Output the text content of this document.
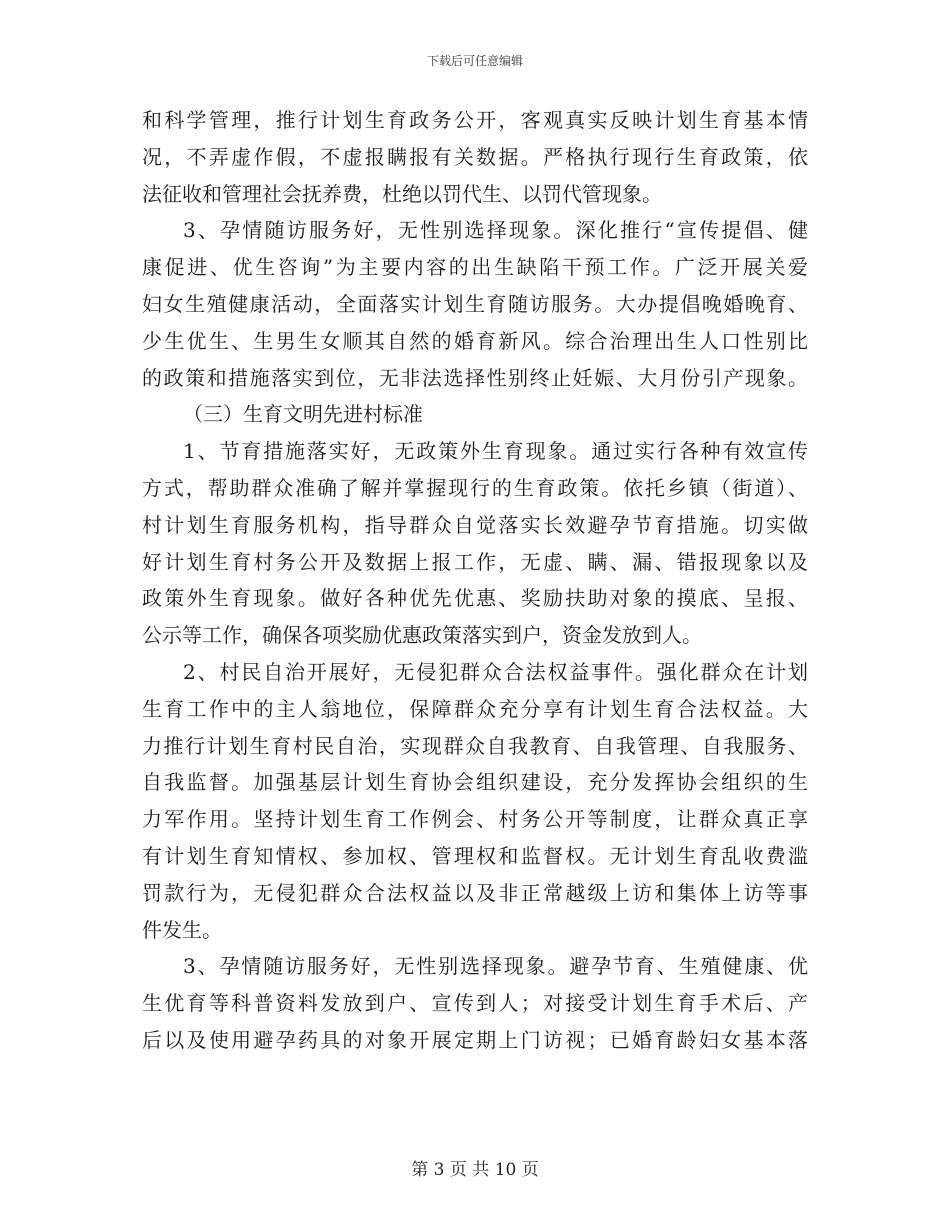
下载后可任意编辑
和科学管理，推行计划生育政务公开，客观真实反映计划生育基本情
况，不弄虚作假，不虚报瞒报有关数据。严格执行现行生育政策，依
法征收和管理社会抚养费，杜绝以罚代生、以罚代管现象。
3、孕情随访服务好，无性别选择现象。深化推行“宣传提倡、健
康促进、优生咨询”为主要内容的出生缺陷干预工作。广泛开展关爱
妇女生殖健康活动，全面落实计划生育随访服务。大办提倡晚婚晚育、
少生优生、生男生女顺其自然的婚育新风。综合治理出生人口性别比
的政策和措施落实到位，无非法选择性别终止妊娠、大月份引产现象。
（三）生育文明先进村标准
1、节育措施落实好，无政策外生育现象。通过实行各种有效宣传
方式，帮助群众准确了解并掌握现行的生育政策。依托乡镇（街道）、
村计划生育服务机构，指导群众自觉落实长效避孕节育措施。切实做
好计划生育村务公开及数据上报工作，无虚、瞒、漏、错报现象以及
政策外生育现象。做好各种优先优惠、奖励扶助对象的摸底、呈报、
公示等工作，确保各项奖励优惠政策落实到户，资金发放到人。
2、村民自治开展好，无侵犯群众合法权益事件。强化群众在计划
生育工作中的主人翁地位，保障群众充分享有计划生育合法权益。大
力推行计划生育村民自治，实现群众自我教育、自我管理、自我服务、
自我监督。加强基层计划生育协会组织建设，充分发挥协会组织的生
力军作用。坚持计划生育工作例会、村务公开等制度，让群众真正享
有计划生育知情权、参加权、管理权和监督权。无计划生育乱收费滥
罚款行为，无侵犯群众合法权益以及非正常越级上访和集体上访等事
件发生。
3、孕情随访服务好，无性别选择现象。避孕节育、生殖健康、优
生优育等科普资料发放到户、宣传到人；对接受计划生育手术后、产
后以及使用避孕药具的对象开展定期上门访视；已婚育龄妇女基本落
第 3 页 共 10 页
